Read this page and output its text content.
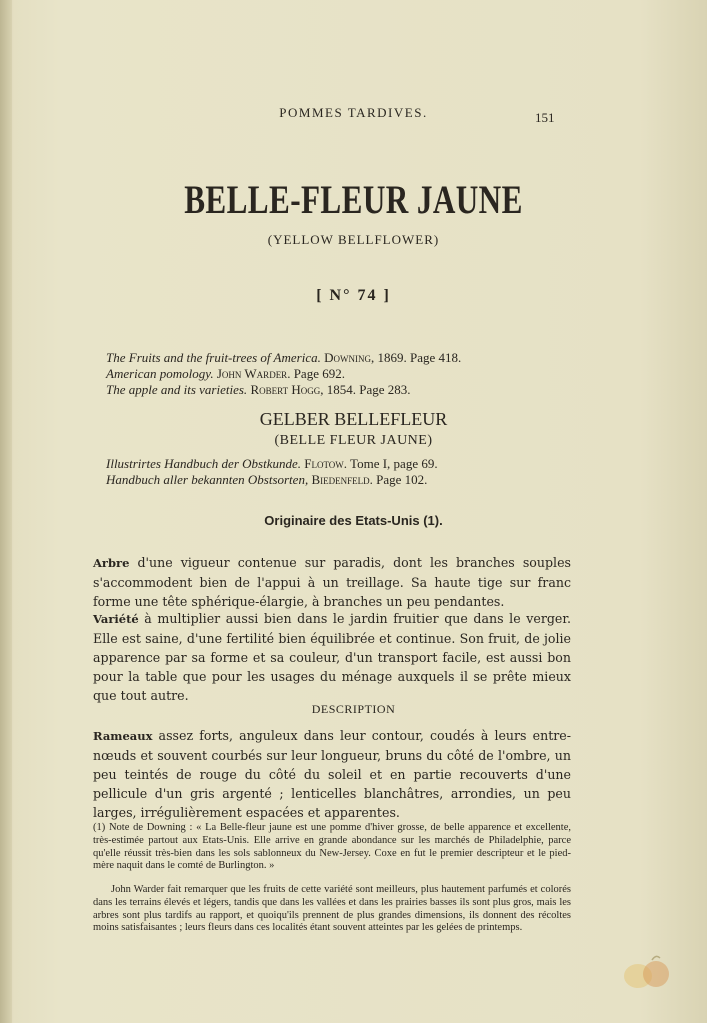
POMMES TARDIVES.	151
BELLE-FLEUR JAUNE
(YELLOW BELLFLOWER)
[ N° 74 ]
The Fruits and the fruit-trees of America. Downing, 1869. Page 418.
American pomology. John Warder. Page 692.
The apple and its varieties. Robert Hogg, 1854. Page 283.
GELBER BELLEFLEUR
(BELLE FLEUR JAUNE)
Illustrirtes Handbuch der Obstkunde. Flotow. Tome I, page 69.
Handbuch aller bekannten Obstsorten, Biedenfeld. Page 102.
Originaire des Etats-Unis (1).
Arbre d'une vigueur contenue sur paradis, dont les branches souples s'accommodent bien de l'appui à un treillage. Sa haute tige sur franc forme une tête sphérique-élargie, à branches un peu pendantes.
Variété à multiplier aussi bien dans le jardin fruitier que dans le verger. Elle est saine, d'une fertilité bien équilibrée et continue. Son fruit, de jolie apparence par sa forme et sa couleur, d'un transport facile, est aussi bon pour la table que pour les usages du ménage auxquels il se prête mieux que tout autre.
DESCRIPTION
Rameaux assez forts, anguleux dans leur contour, coudés à leurs entre-nœuds et souvent courbés sur leur longueur, bruns du côté de l'ombre, un peu teintés de rouge du côté du soleil et en partie recouverts d'une pellicule d'un gris argenté ; lenticelles blanchâtres, arrondies, un peu larges, irrégulièrement espacées et apparentes.
(1) Note de Downing : « La Belle-fleur jaune est une pomme d'hiver grosse, de belle apparence et excellente, très-estimée partout aux Etats-Unis. Elle arrive en grande abondance sur les marchés de Philadelphie, parce qu'elle réussit très-bien dans les sols sablonneux du New-Jersey. Coxe en fut le premier descripteur et le pied-mère naquit dans le comté de Burlington. »
John Warder fait remarquer que les fruits de cette variété sont meilleurs, plus hautement parfumés et colorés dans les terrains élevés et légers, tandis que dans les vallées et dans les prairies basses ils sont plus gros, mais les arbres sont plus tardifs au rapport, et quoiqu'ils prennent de plus grandes dimensions, ils donnent des récoltes moins satisfaisantes ; leurs fleurs dans ces localités étant souvent atteintes par les gelées de printemps.
